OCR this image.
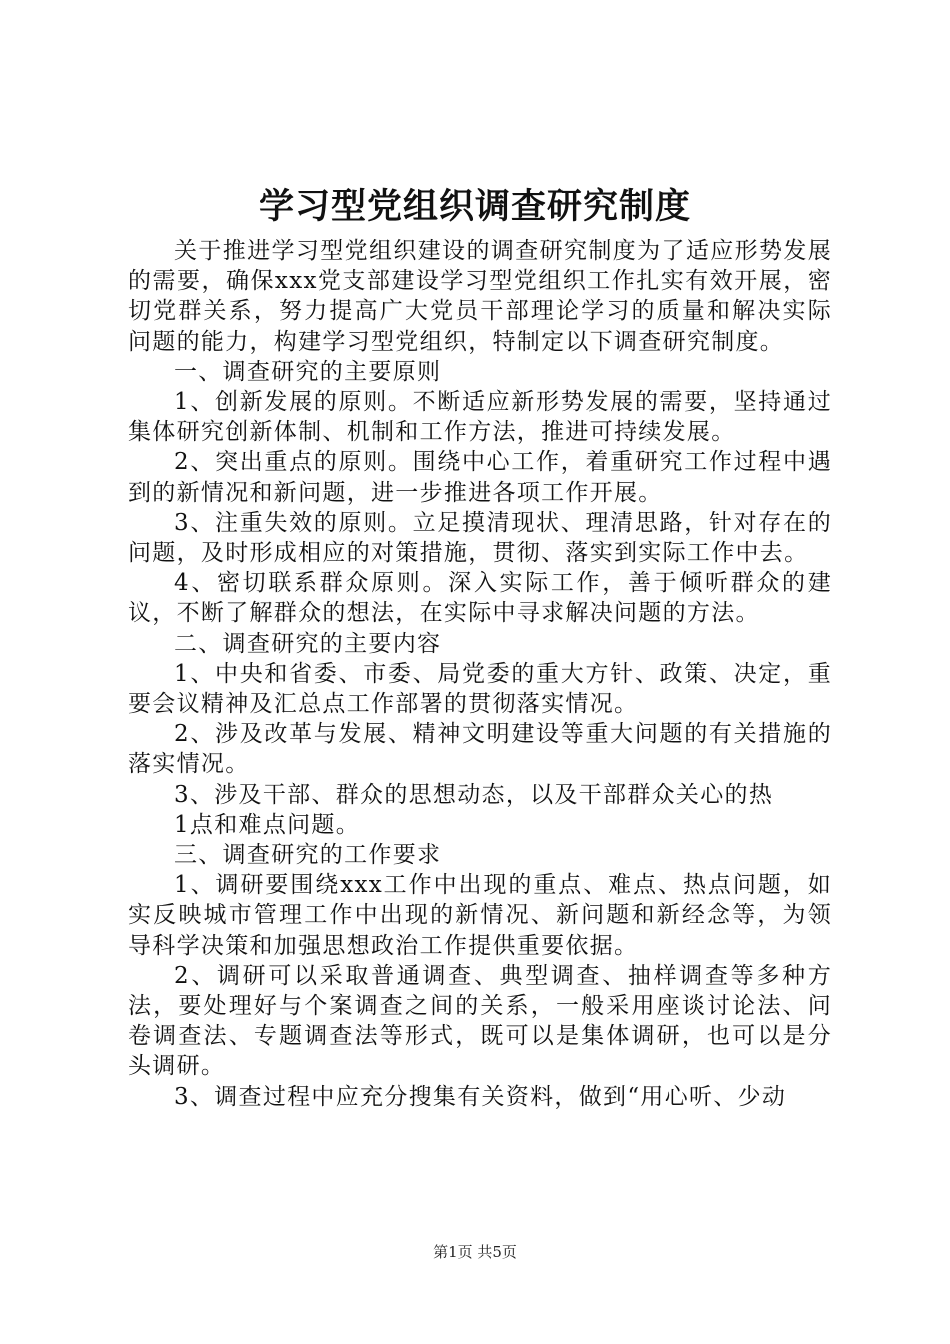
学习型党组织调查研究制度

关于推进学习型党组织建设的调查研究制度为了适应形势发展的需要，确保xxx党支部建设学习型党组织工作扎实有效开展，密切党群关系，努力提高广大党员干部理论学习的质量和解决实际问题的能力，构建学习型党组织，特制定以下调查研究制度。

一、调查研究的主要原则

1、创新发展的原则。不断适应新形势发展的需要，坚持通过集体研究创新体制、机制和工作方法，推进可持续发展。

2、突出重点的原则。围绕中心工作，着重研究工作过程中遇到的新情况和新问题，进一步推进各项工作开展。

3、注重失效的原则。立足摸清现状、理清思路，针对存在的问题，及时形成相应的对策措施，贯彻、落实到实际工作中去。

4、密切联系群众原则。深入实际工作，善于倾听群众的建议，不断了解群众的想法，在实际中寻求解决问题的方法。

二、调查研究的主要内容

1、中央和省委、市委、局党委的重大方针、政策、决定，重要会议精神及汇总点工作部署的贯彻落实情况。

2、涉及改革与发展、精神文明建设等重大问题的有关措施的落实情况。

3、涉及干部、群众的思想动态，以及干部群众关心的热

1点和难点问题。

三、调查研究的工作要求

1、调研要围绕xxx工作中出现的重点、难点、热点问题，如实反映城市管理工作中出现的新情况、新问题和新经念等，为领导科学决策和加强思想政治工作提供重要依据。

2、调研可以采取普通调查、典型调查、抽样调查等多种方法，要处理好与个案调查之间的关系，一般采用座谈讨论法、问卷调查法、专题调查法等形式，既可以是集体调研，也可以是分头调研。

3、调查过程中应充分搜集有关资料，做到“用心听、少动

第1页 共5页
